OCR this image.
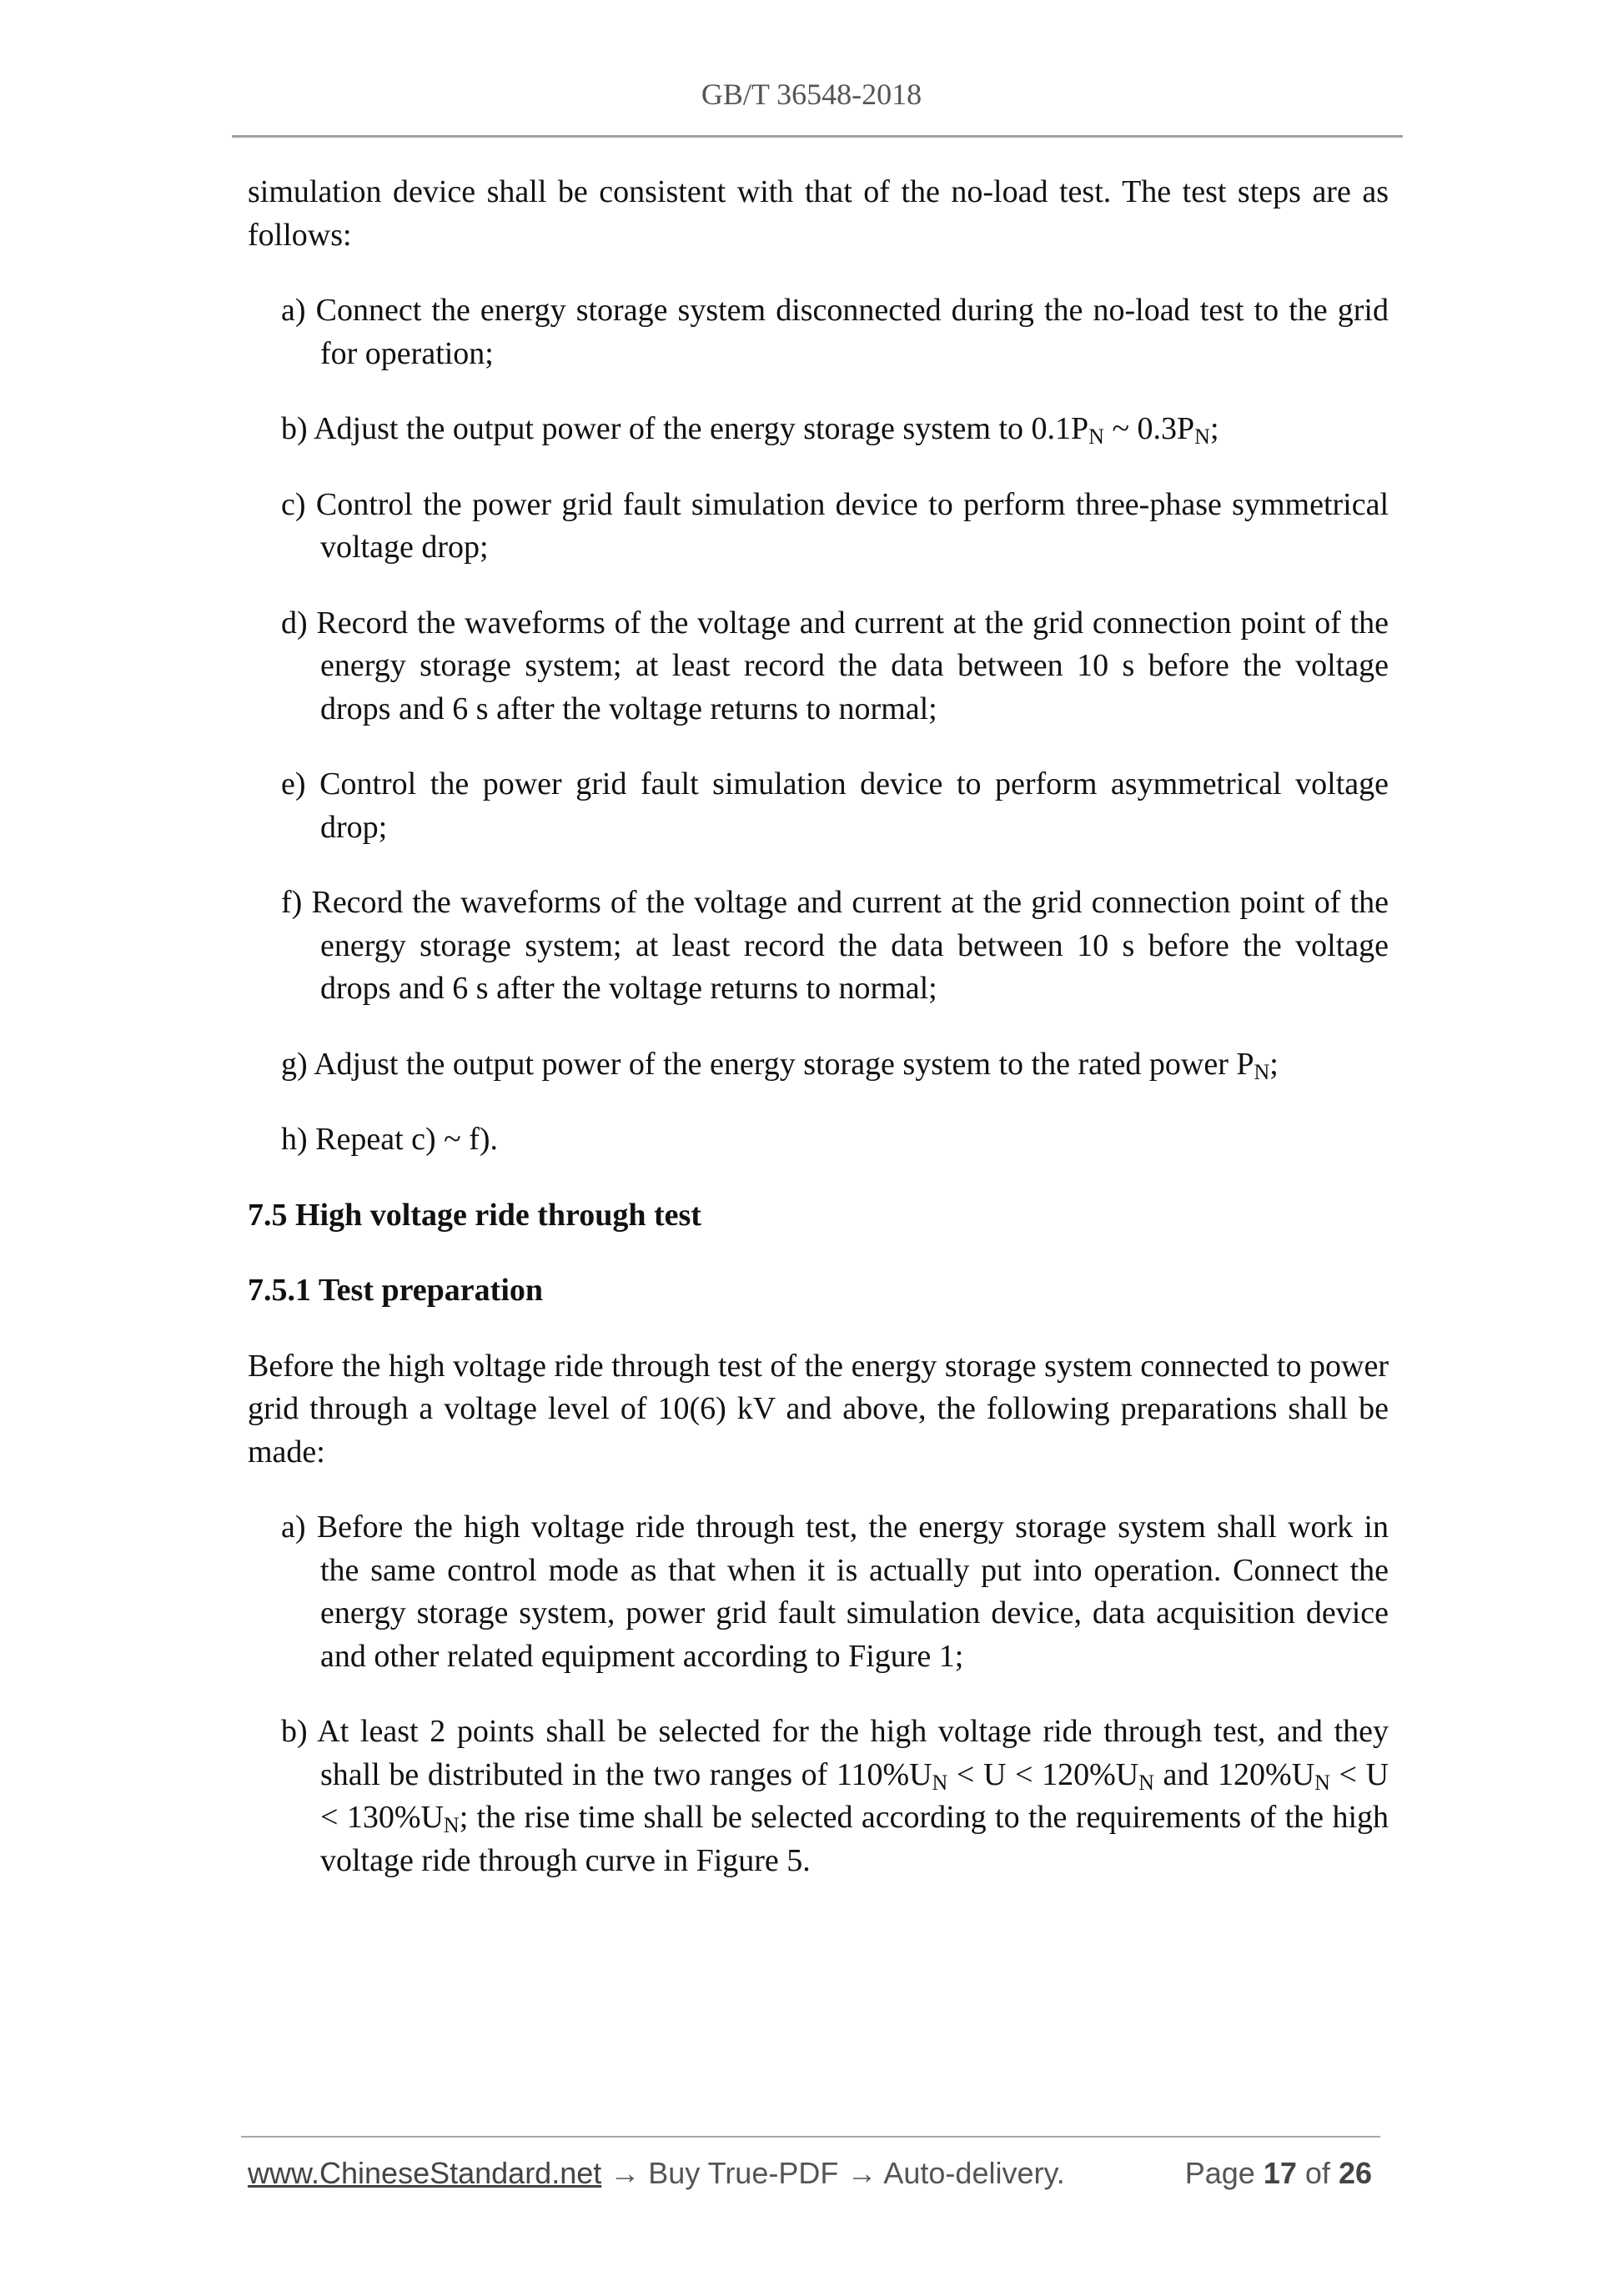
GB/T 36548-2018

simulation device shall be consistent with that of the no-load test. The test steps are as follows:

a) Connect the energy storage system disconnected during the no-load test to the grid for operation;

b) Adjust the output power of the energy storage system to $0.1P_N$ ~ $0.3P_N$;

c) Control the power grid fault simulation device to perform three-phase symmetrical voltage drop;

d) Record the waveforms of the voltage and current at the grid connection point of the energy storage system; at least record the data between 10 s before the voltage drops and 6 s after the voltage returns to normal;

e) Control the power grid fault simulation device to perform asymmetrical voltage drop;

f) Record the waveforms of the voltage and current at the grid connection point of the energy storage system; at least record the data between 10 s before the voltage drops and 6 s after the voltage returns to normal;

g) Adjust the output power of the energy storage system to the rated power $P_N$;

h) Repeat c) ~ f).

7.5 High voltage ride through test

7.5.1 Test preparation

Before the high voltage ride through test of the energy storage system connected to power grid through a voltage level of 10(6) kV and above, the following preparations shall be made:

a) Before the high voltage ride through test, the energy storage system shall work in the same control mode as that when it is actually put into operation. Connect the energy storage system, power grid fault simulation device, data acquisition device and other related equipment according to Figure 1;

b) At least 2 points shall be selected for the high voltage ride through test, and they shall be distributed in the two ranges of $110\%U_N < U < 120\%U_N$ and $120\%U_N < U < 130\%U_N$; the rise time shall be selected according to the requirements of the high voltage ride through curve in Figure 5.

www.ChineseStandard.net → Buy True-PDF → Auto-delivery.	Page 17 of 26
